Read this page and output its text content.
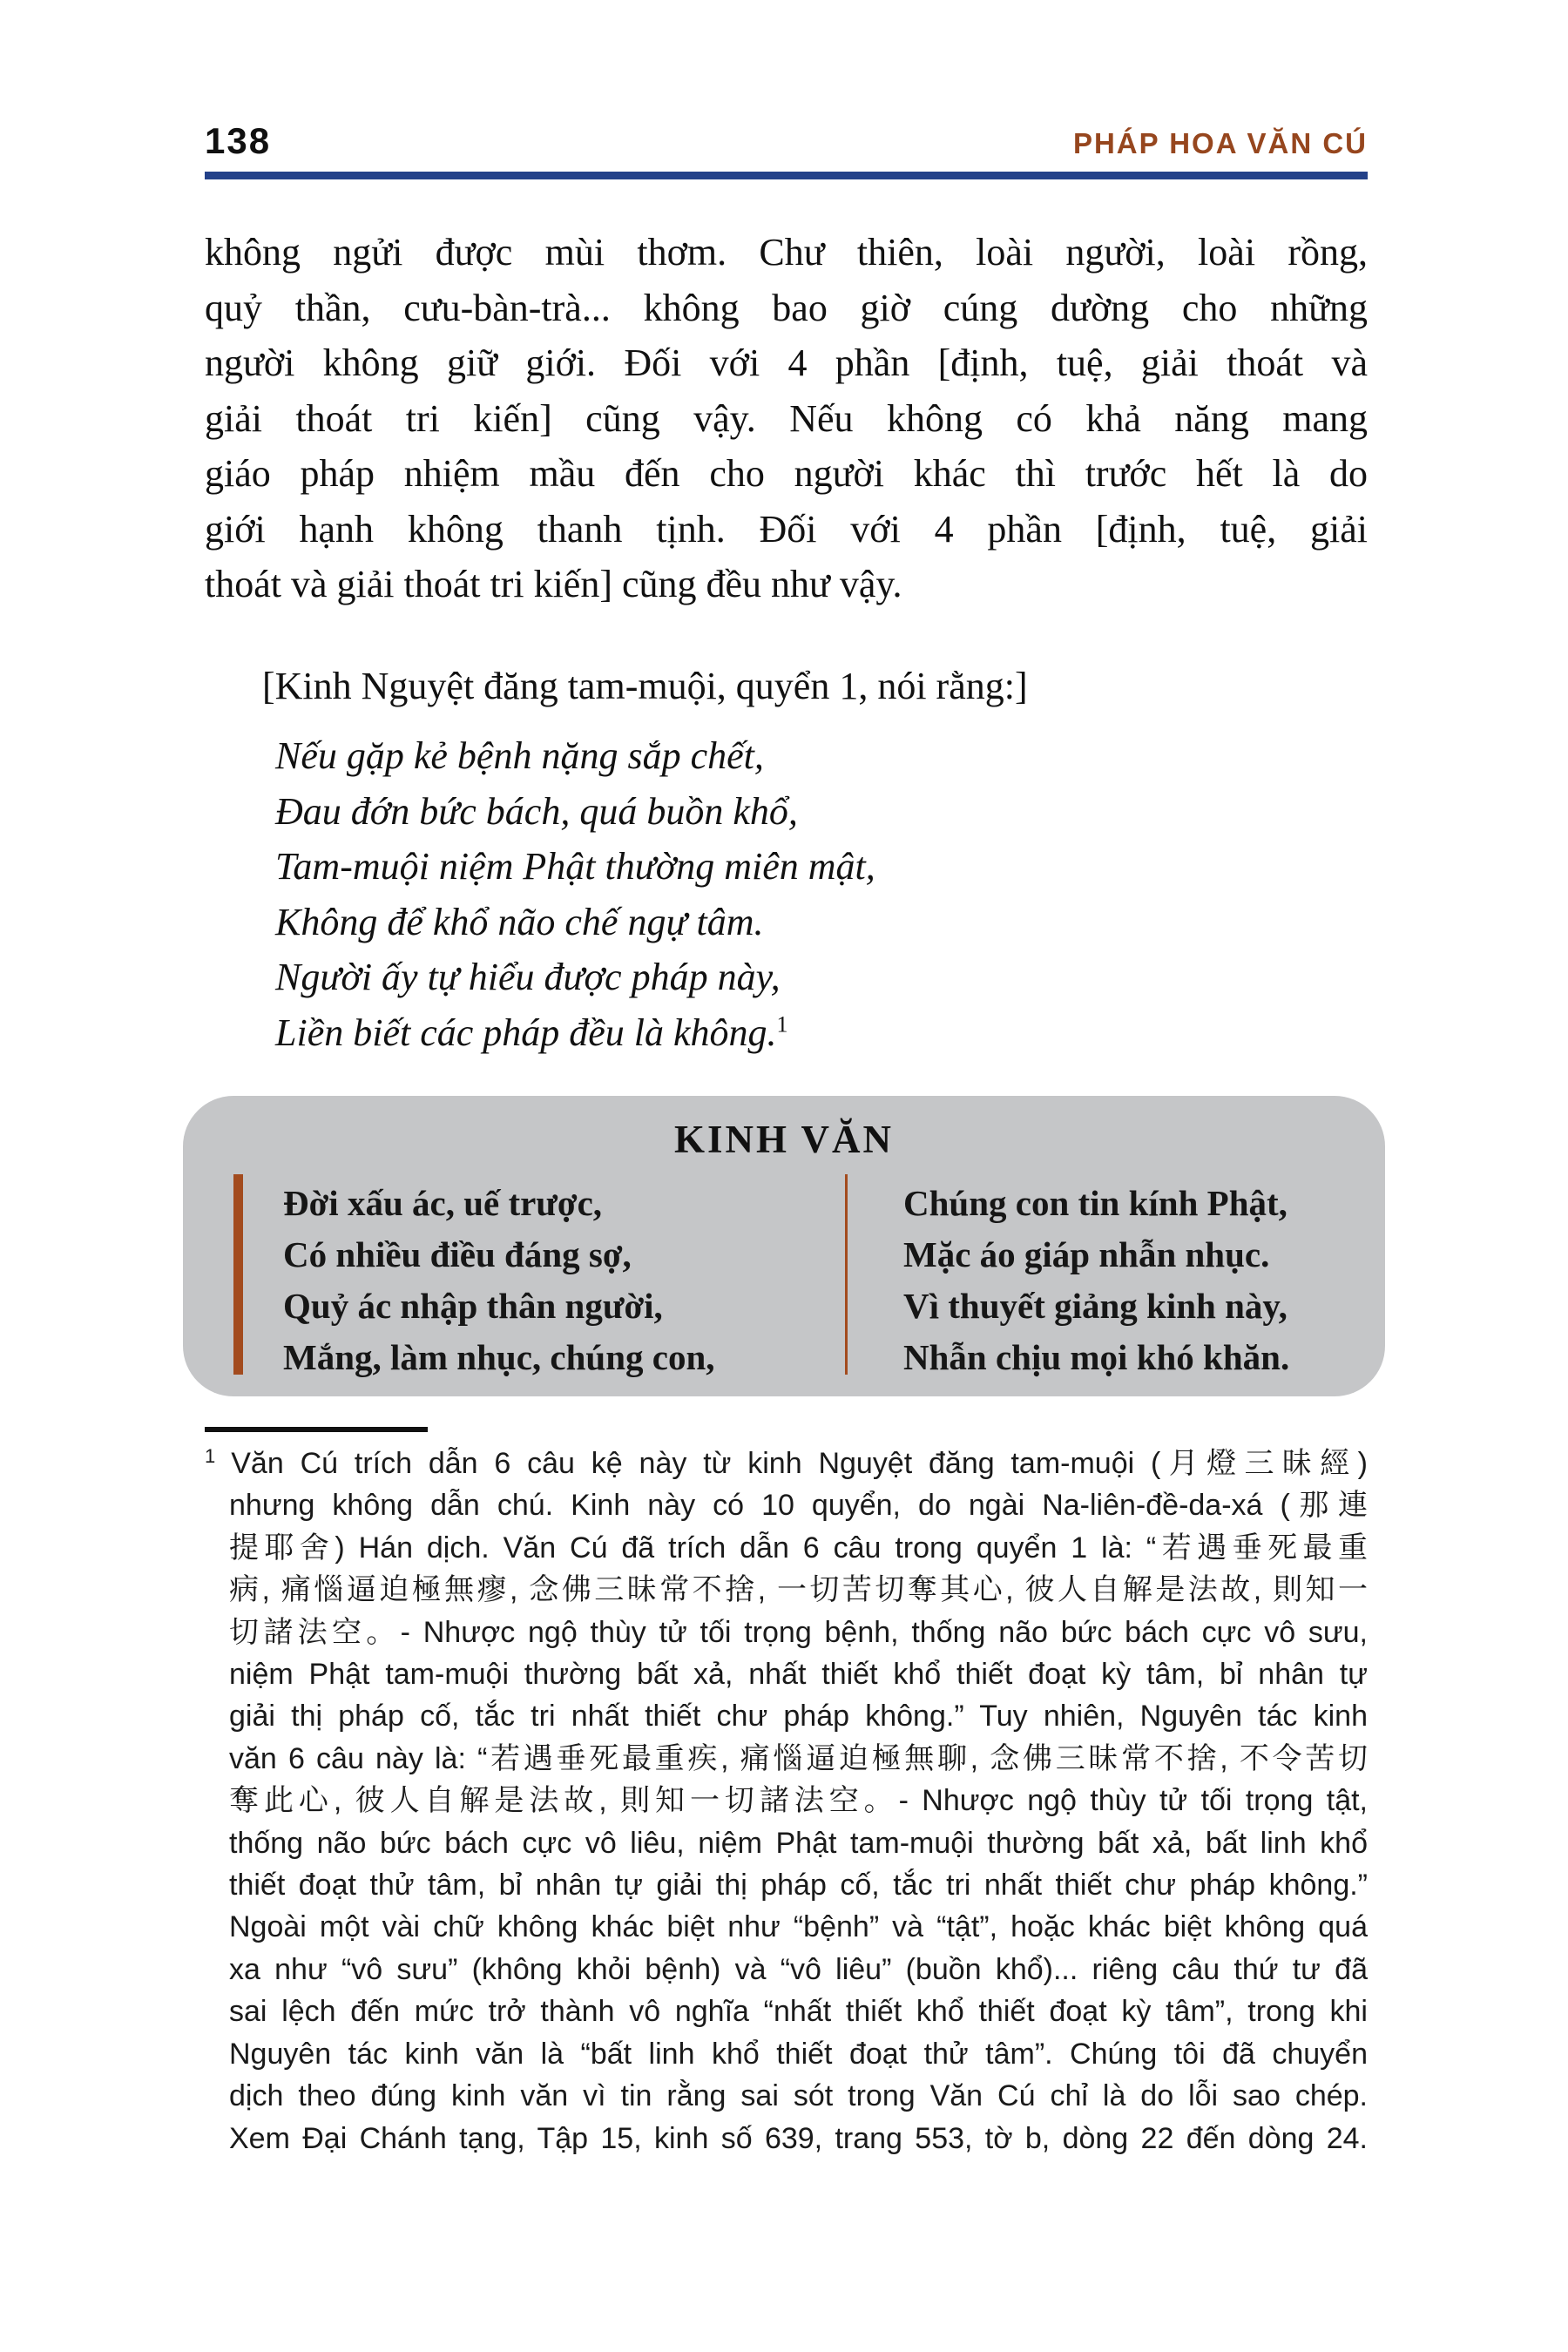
138	PHÁP HOA VĂN CÚ
không ngửi được mùi thơm. Chư thiên, loài người, loài rồng,
quỷ thần, cưu-bàn-trà... không bao giờ cúng dường cho những
người không giữ giới. Đối với 4 phần [định, tuệ, giải thoát và
giải thoát tri kiến] cũng vậy. Nếu không có khả năng mang
giáo pháp nhiệm mầu đến cho người khác thì trước hết là do
giới hạnh không thanh tịnh. Đối với 4 phần [định, tuệ, giải
thoát và giải thoát tri kiến] cũng đều như vậy.
[Kinh Nguyệt đăng tam-muội, quyển 1, nói rằng:]
Nếu gặp kẻ bệnh nặng sắp chết,
Đau đớn bức bách, quá buồn khổ,
Tam-muội niệm Phật thường miên mật,
Không để khổ não chế ngự tâm.
Người ấy tự hiểu được pháp này,
Liền biết các pháp đều là không.$^1$
KINH VĂN
Đời xấu ác, uế trược,
Có nhiều điều đáng sợ,
Quỷ ác nhập thân người,
Mắng, làm nhục, chúng con,
Chúng con tin kính Phật,
Mặc áo giáp nhẫn nhục.
Vì thuyết giảng kinh này,
Nhẫn chịu mọi khó khăn.
$^1$ Văn Cú trích dẫn 6 câu kệ này từ kinh Nguyệt đăng tam-muội (月燈三昧經)
nhưng không dẫn chú. Kinh này có 10 quyển, do ngài Na-liên-đề-da-xá (那連
提耶舍) Hán dịch. Văn Cú đã trích dẫn 6 câu trong quyển 1 là: “若遇垂死最重
病, 痛惱逼迫極無瘳, 念佛三昧常不捨, 一切苦切奪其心, 彼人自解是法故, 則知一
切諸法空。- Nhược ngộ thùy tử tối trọng bệnh, thống não bức bách cực vô sưu,
niệm Phật tam-muội thường bất xả, nhất thiết khổ thiết đoạt kỳ tâm, bỉ nhân tự
giải thị pháp cố, tắc tri nhất thiết chư pháp không.” Tuy nhiên, Nguyên tác kinh
văn 6 câu này là: “若遇垂死最重疾, 痛惱逼迫極無聊, 念佛三昧常不捨, 不令苦切
奪此心, 彼人自解是法故, 則知一切諸法空。- Nhược ngộ thùy tử tối trọng tật,
thống não bức bách cực vô liêu, niệm Phật tam-muội thường bất xả, bất linh khổ
thiết đoạt thử tâm, bỉ nhân tự giải thị pháp cố, tắc tri nhất thiết chư pháp không.”
Ngoài một vài chữ không khác biệt như “bệnh” và “tật”, hoặc khác biệt không quá
xa như “vô sưu” (không khỏi bệnh) và “vô liêu” (buồn khổ)... riêng câu thứ tư đã
sai lệch đến mức trở thành vô nghĩa “nhất thiết khổ thiết đoạt kỳ tâm”, trong khi
Nguyên tác kinh văn là “bất linh khổ thiết đoạt thử tâm”. Chúng tôi đã chuyển
dịch theo đúng kinh văn vì tin rằng sai sót trong Văn Cú chỉ là do lỗi sao chép.
Xem Đại Chánh tạng, Tập 15, kinh số 639, trang 553, tờ b, dòng 22 đến dòng 24.
